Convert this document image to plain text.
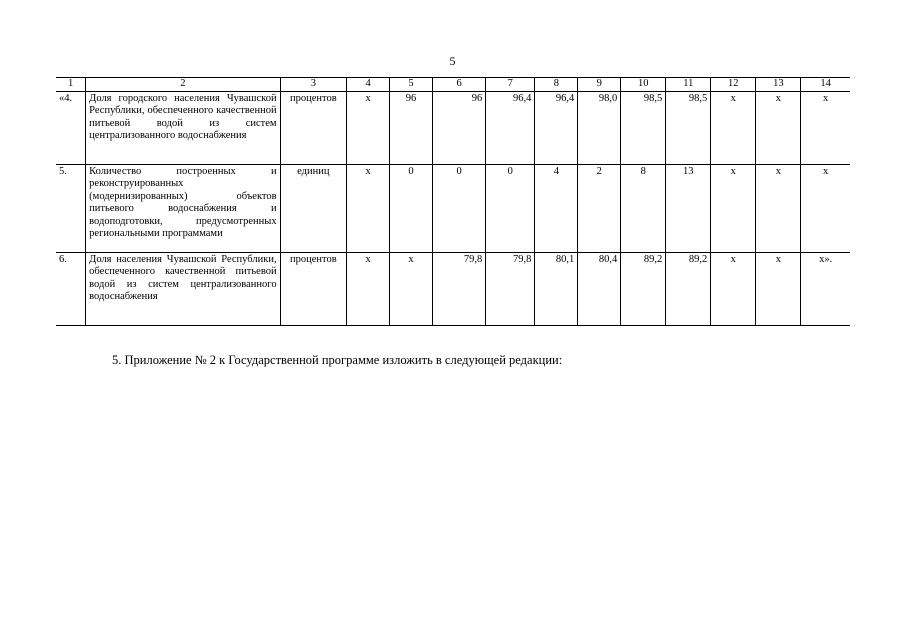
5
1	2	3	4	5	6	7	8	9	10	11	12	13	14
«4.	Доля городского населения Чувашской Республики, обеспеченного качественной питьевой водой из систем централизованного водоснабжения	процентов	х	96	96	96,4	96,4	98,0	98,5	98,5	х	х	х
5.	Количество построенных и реконструированных (модернизированных) объектов питьевого водоснабжения и водоподготовки, предусмотренных региональными программами	единиц	х	0	0	0	4	2	8	13	х	х	х
6.	Доля населения Чувашской Республики, обеспеченного качественной питьевой водой из систем централизованного водоснабжения	процентов	х	х	79,8	79,8	80,1	80,4	89,2	89,2	х	х	х».
5. Приложение № 2 к Государственной программе изложить в следующей редакции:
